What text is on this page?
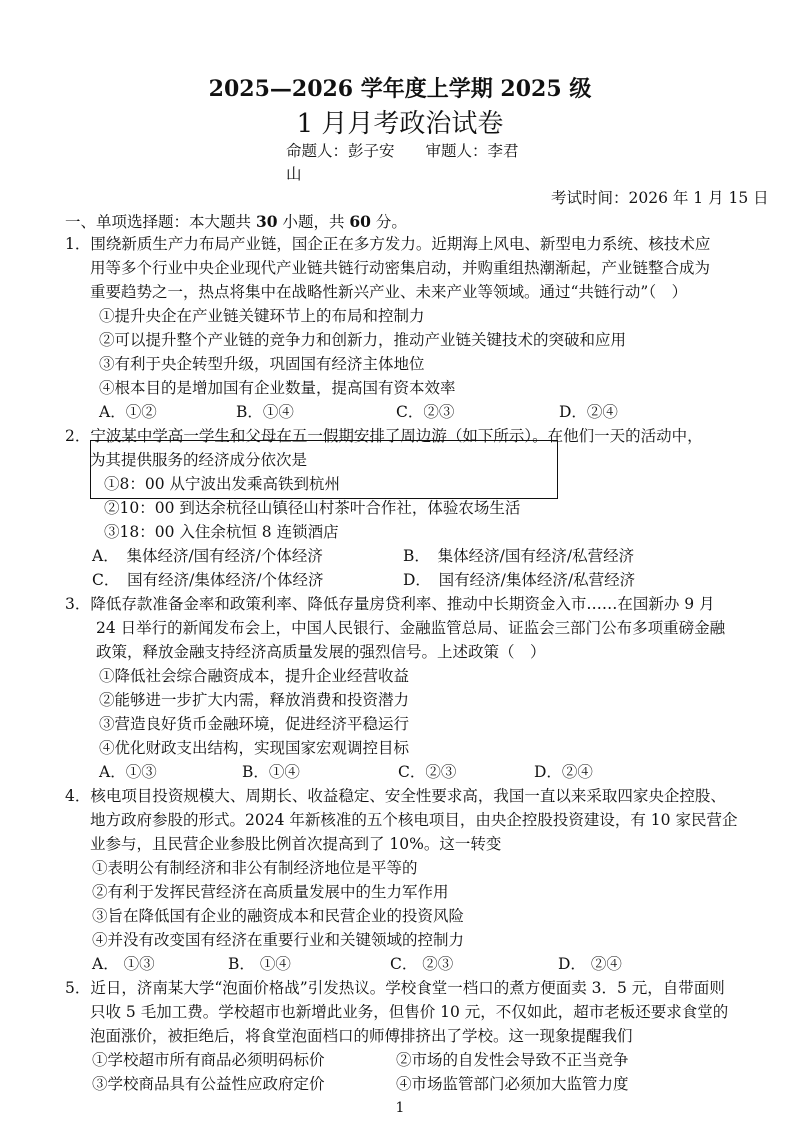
2025—2026 学年度上学期 2025 级
1 月月考政治试卷
命题人：彭子安　　审题人：李君
山
考试时间：2026 年 1 月 15 日
一、单项选择题：本大题共 30 小题，共 60 分。
1．围绕新质生产力布局产业链，国企正在多方发力。近期海上风电、新型电力系统、核技术应
用等多个行业中央企业现代产业链共链行动密集启动，并购重组热潮渐起，产业链整合成为
重要趋势之一，热点将集中在战略性新兴产业、未来产业等领域。通过“共链行动”（　）
①提升央企在产业链关键环节上的布局和控制力
②可以提升整个产业链的竞争力和创新力，推动产业链关键技术的突破和应用
③有利于央企转型升级，巩固国有经济主体地位
④根本目的是增加国有企业数量，提高国有资本效率
A．①②	B．①④	C．②③	D．②④
2．宁波某中学高一学生和父母在五一假期安排了周边游（如下所示）。在他们一天的活动中，
为其提供服务的经济成分依次是
①8：00 从宁波出发乘高铁到杭州
②10：00 到达余杭径山镇径山村茶叶合作社，体验农场生活
③18：00 入住余杭恒 8 连锁酒店
A．　集体经济/国有经济/个体经济	B．　集体经济/国有经济/私营经济
C．　国有经济/集体经济/个体经济	D．　国有经济/集体经济/私营经济
3．降低存款准备金率和政策利率、降低存量房贷利率、推动中长期资金入市……在国新办 9 月
24 日举行的新闻发布会上，中国人民银行、金融监管总局、证监会三部门公布多项重磅金融
政策，释放金融支持经济高质量发展的强烈信号。上述政策（　）
①降低社会综合融资成本，提升企业经营收益
②能够进一步扩大内需，释放消费和投资潜力
③营造良好货币金融环境，促进经济平稳运行
④优化财政支出结构，实现国家宏观调控目标
A．①③	B．①④	C．②③	D．②④
4．核电项目投资规模大、周期长、收益稳定、安全性要求高，我国一直以来采取四家央企控股、
地方政府参股的形式。2024 年新核准的五个核电项目，由央企控股投资建设，有 10 家民营企
业参与，且民营企业参股比例首次提高到了 10%。这一转变
①表明公有制经济和非公有制经济地位是平等的
②有利于发挥民营经济在高质量发展中的生力军作用
③旨在降低国有企业的融资成本和民营企业的投资风险
④并没有改变国有经济在重要行业和关键领域的控制力
A． ①③	B． ①④	C． ②③	D． ②④
5．近日，济南某大学“泡面价格战”引发热议。学校食堂一档口的煮方便面卖 3．5 元，自带面则
只收 5 毛加工费。学校超市也新增此业务，但售价 10 元，不仅如此，超市老板还要求食堂的
泡面涨价，被拒绝后，将食堂泡面档口的师傅排挤出了学校。这一现象提醒我们
①学校超市所有商品必须明码标价	②市场的自发性会导致不正当竞争
③学校商品具有公益性应政府定价	④市场监管部门必须加大监管力度
1
